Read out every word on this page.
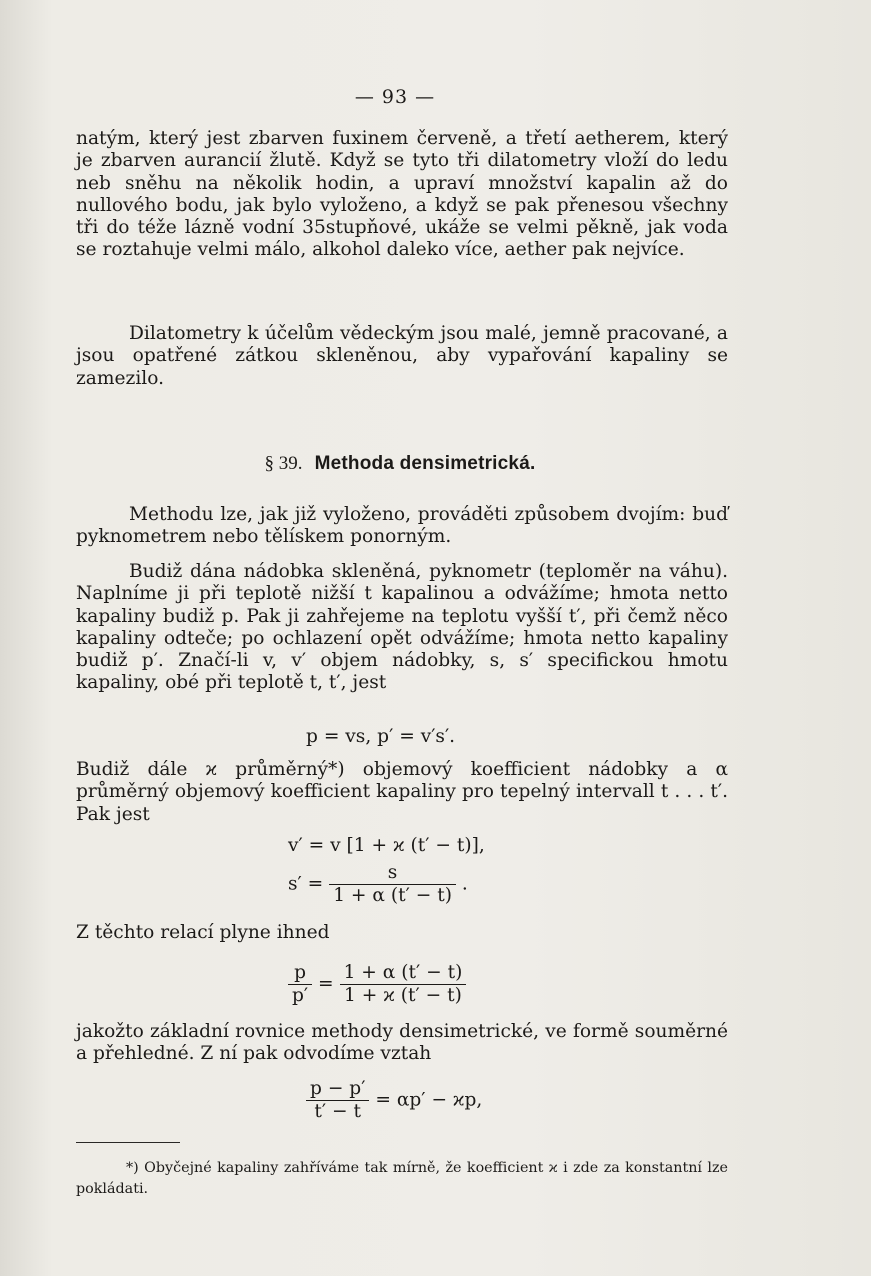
— 93 —
natým, který jest zbarven fuxinem červeně, a třetí aetherem, který je zbarven aurancií žlutě. Když se tyto tři dilatometry vloží do ledu neb sněhu na několik hodin, a upraví množství kapalin až do nullového bodu, jak bylo vyloženo, a když se pak přenesou všechny tři do téže lázně vodní 35stupňové, ukáže se velmi pěkně, jak voda se roztahuje velmi málo, alkohol daleko více, aether pak nejvíce.
Dilatometry k účelům vědeckým jsou malé, jemně pracované, a jsou opatřené zátkou skleněnou, aby vypařování kapaliny se zamezilo.
§ 39. Methoda densimetrická.
Methodu lze, jak již vyloženo, prováděti způsobem dvojím: buď pyknometrem nebo tělískem ponorným.
Budiž dána nádobka skleněná, pyknometr (teploměr na váhu). Naplníme ji při teplotě nižší t kapalinou a odvážíme; hmota netto kapaliny budiž p. Pak ji zahřejeme na teplotu vyšší t′, při čemž něco kapaliny odteče; po ochlazení opět odvážíme; hmota netto kapaliny budiž p′. Značí-li v, v′ objem nádobky, s, s′ specifickou hmotu kapaliny, obé při teplotě t, t′, jest
p = vs, p′ = v′s′.
Budiž dále ϰ průměrný*) objemový koefficient nádobky a α průměrný objemový koefficient kapaliny pro tepelný intervall t . . . t′. Pak jest
v′ = v [1 + ϰ (t′ − t)],
$s' = \frac{s}{1 + \alpha (t' - t)}$ .
Z těchto relací plyne ihned
$\frac{p}{p'} = \frac{1 + \alpha (t' - t)}{1 + ϰ (t' - t)}$
jakožto základní rovnice methody densimetrické, ve formě souměrné a přehledné. Z ní pak odvodíme vztah
$\frac{p - p'}{t' - t} = \alpha p' - ϰp$,
*) Obyčejné kapaliny zahříváme tak mírně, že koefficient ϰ i zde za konstantní lze pokládati.
